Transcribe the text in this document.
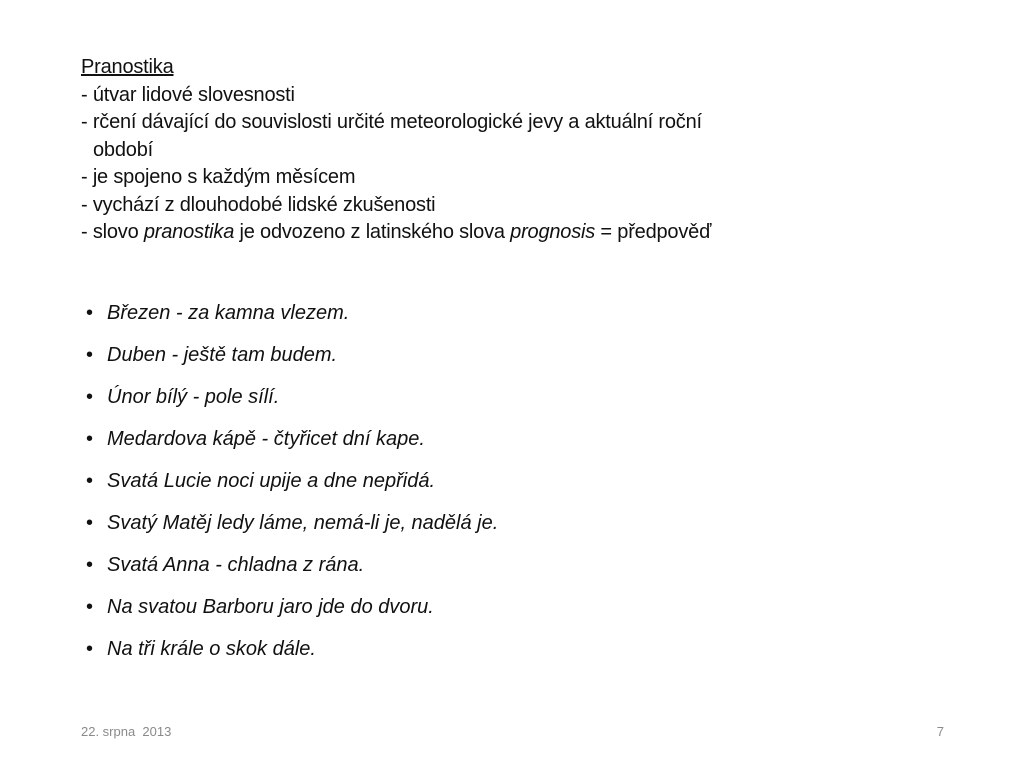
Pranostika
- útvar lidové slovesnosti
- rčení dávající do souvislosti určité meteorologické jevy a aktuální roční
období
- je spojeno s každým měsícem
- vychází z dlouhodobé lidské zkušenosti
- slovo pranostika je odvozeno z latinského slova prognosis = předpověď
• Březen - za kamna vlezem.
• Duben - ještě tam budem.
• Únor bílý - pole sílí.
• Medardova kápě - čtyřicet dní kape.
• Svatá Lucie noci upije a dne nepřidá.
• Svatý Matěj ledy láme, nemá-li je, nadělá je.
• Svatá Anna - chladna z rána.
• Na svatou Barboru jaro jde do dvoru.
• Na tři krále o skok dále.
22. srpna  2013	7
